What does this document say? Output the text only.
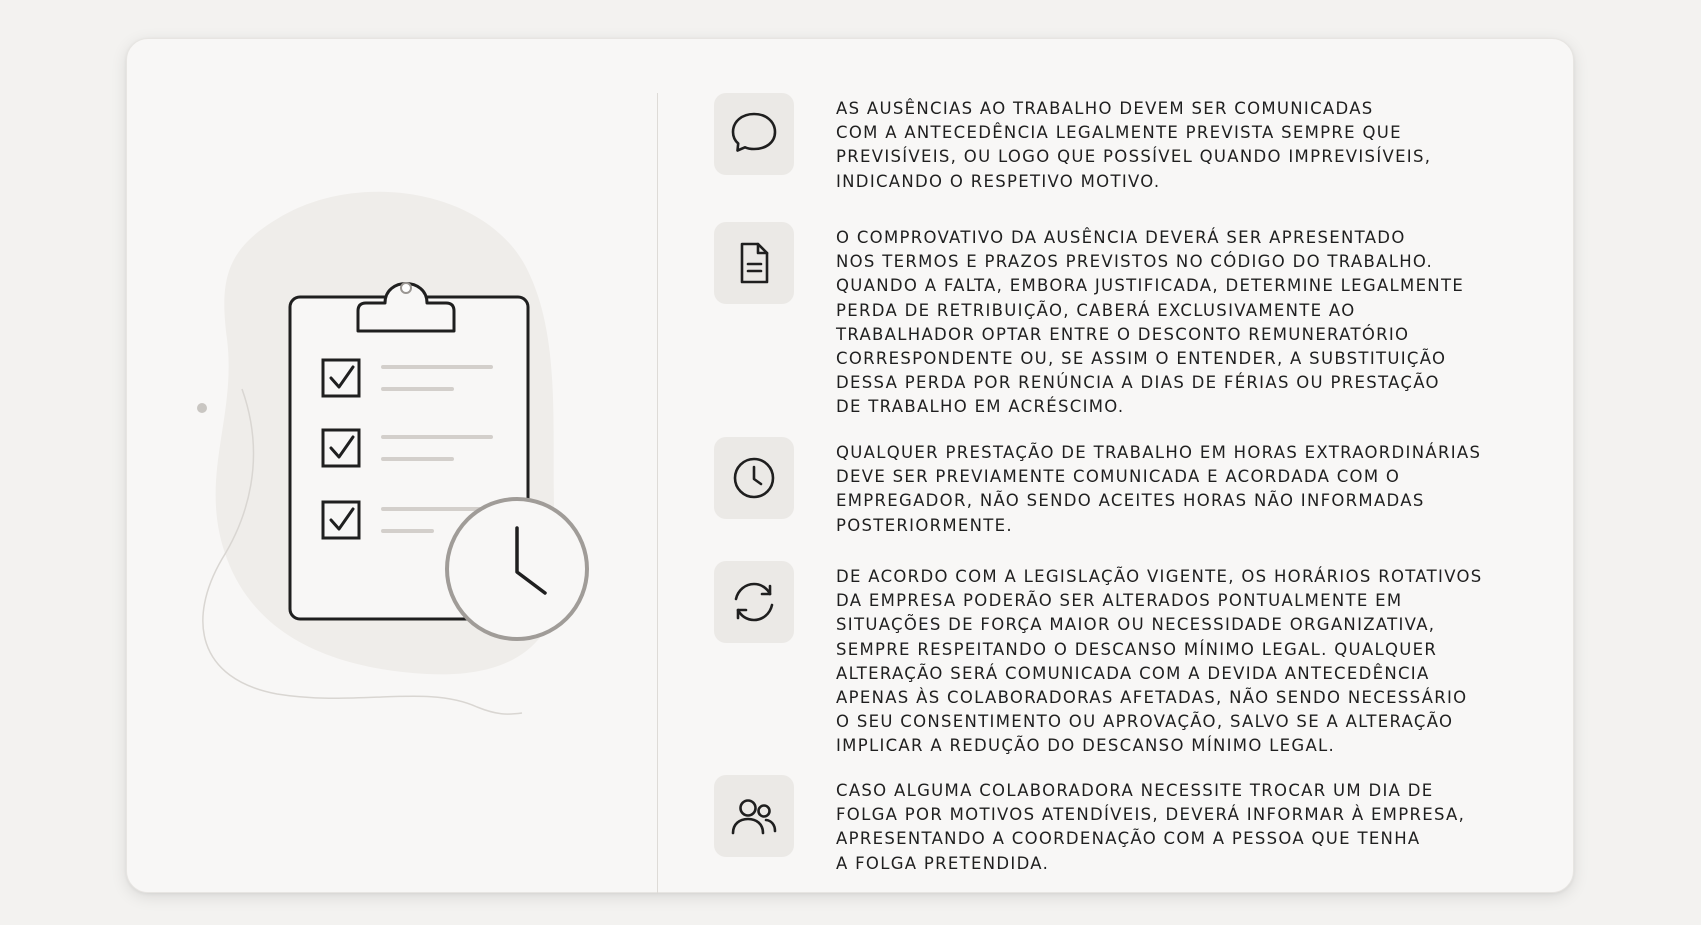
AS AUSÊNCIAS AO TRABALHO DEVEM SER COMUNICADAS
COM A ANTECEDÊNCIA LEGALMENTE PREVISTA SEMPRE QUE
PREVISÍVEIS, OU LOGO QUE POSSÍVEL QUANDO IMPREVISÍVEIS,
INDICANDO O RESPETIVO MOTIVO.

O COMPROVATIVO DA AUSÊNCIA DEVERÁ SER APRESENTADO
NOS TERMOS E PRAZOS PREVISTOS NO CÓDIGO DO TRABALHO.
QUANDO A FALTA, EMBORA JUSTIFICADA, DETERMINE LEGALMENTE
PERDA DE RETRIBUIÇÃO, CABERÁ EXCLUSIVAMENTE AO
TRABALHADOR OPTAR ENTRE O DESCONTO REMUNERATÓRIO
CORRESPONDENTE OU, SE ASSIM O ENTENDER, A SUBSTITUIÇÃO
DESSA PERDA POR RENÚNCIA A DIAS DE FÉRIAS OU PRESTAÇÃO
DE TRABALHO EM ACRÉSCIMO.

QUALQUER PRESTAÇÃO DE TRABALHO EM HORAS EXTRAORDINÁRIAS
DEVE SER PREVIAMENTE COMUNICADA E ACORDADA COM O
EMPREGADOR, NÃO SENDO ACEITES HORAS NÃO INFORMADAS
POSTERIORMENTE.

DE ACORDO COM A LEGISLAÇÃO VIGENTE, OS HORÁRIOS ROTATIVOS
DA EMPRESA PODERÃO SER ALTERADOS PONTUALMENTE EM
SITUAÇÕES DE FORÇA MAIOR OU NECESSIDADE ORGANIZATIVA,
SEMPRE RESPEITANDO O DESCANSO MÍNIMO LEGAL. QUALQUER
ALTERAÇÃO SERÁ COMUNICADA COM A DEVIDA ANTECEDÊNCIA
APENAS ÀS COLABORADORAS AFETADAS, NÃO SENDO NECESSÁRIO
O SEU CONSENTIMENTO OU APROVAÇÃO, SALVO SE A ALTERAÇÃO
IMPLICAR A REDUÇÃO DO DESCANSO MÍNIMO LEGAL.

CASO ALGUMA COLABORADORA NECESSITE TROCAR UM DIA DE
FOLGA POR MOTIVOS ATENDÍVEIS, DEVERÁ INFORMAR À EMPRESA,
APRESENTANDO A COORDENAÇÃO COM A PESSOA QUE TENHA
A FOLGA PRETENDIDA.
